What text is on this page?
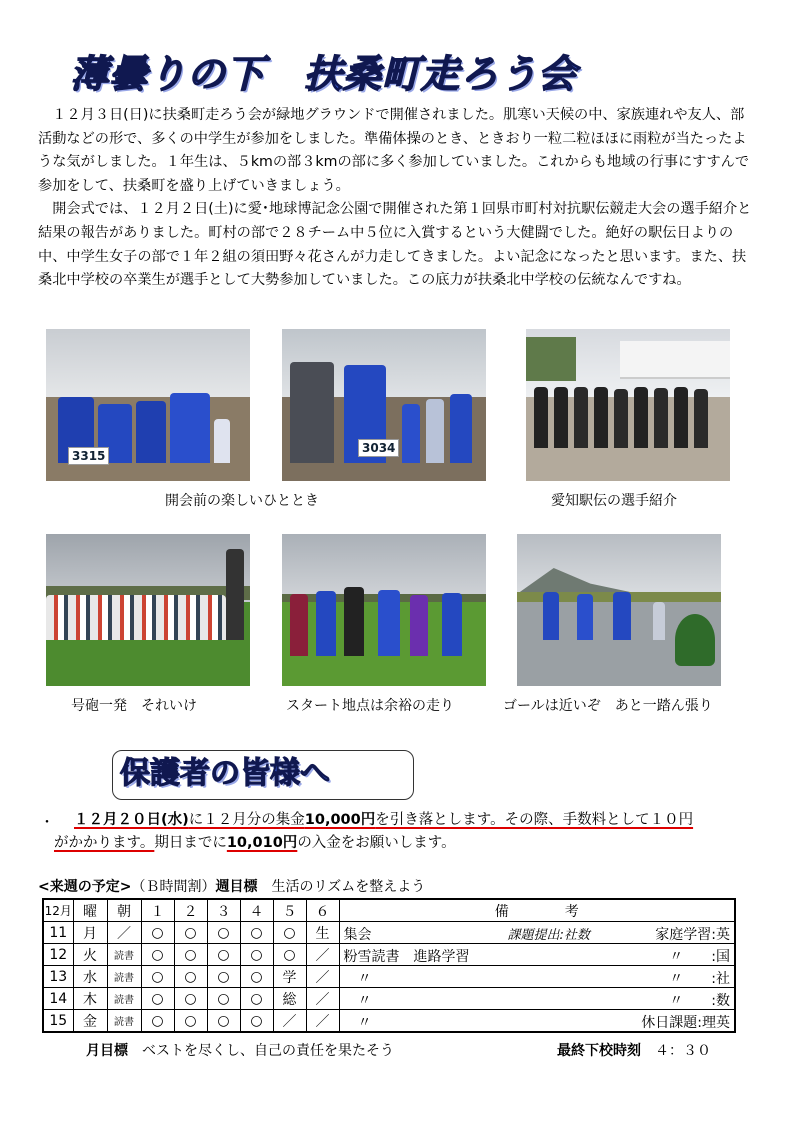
薄曇りの下　扶桑町走ろう会

１２月３日(日)に扶桑町走ろう会が緑地グラウンドで開催されました。肌寒い天候の中、家族連れや友人、部活動などの形で、多くの中学生が参加をしました。準備体操のとき、ときおり一粒二粒ほほに雨粒が当たったような気がしました。１年生は、５kmの部３kmの部に多く参加していました。これからも地域の行事にすすんで参加をして、扶桑町を盛り上げていきましょう。

開会式では、１２月２日(土)に愛･地球博記念公園で開催された第１回県市町村対抗駅伝競走大会の選手紹介と結果の報告がありました。町村の部で２８チーム中５位に入賞するという大健闘でした。絶好の駅伝日よりの中、中学生女子の部で１年２組の須田野々花さんが力走してきました。よい記念になったと思います。また、扶桑北中学校の卒業生が選手として大勢参加していました。この底力が扶桑北中学校の伝統なんですね。

3315
3034
開会前の楽しいひととき	愛知駅伝の選手紹介
号砲一発　それいけ	スタート地点は余裕の走り	ゴールは近いぞ　あと一踏ん張り
保護者の皆様へ
・ １２月２０日(水)に１２月分の集金10,000円を引き落とします。その際、手数料として１０円
がかかります。期日までに10,010円の入金をお願いします。
<来週の予定>（Ｂ時間割）週目標　 生活のリズムを整えよう
12月	曜	朝	１	２	３	４	５	６	備　　　　考
11	月	／	○	○	○	○	○	生	集会 課題提出:社数 家庭学習:英

12	火	読書	○	○	○	○	○	／	粉雪読書　進路学習 〃　　:国

13	水	読書	○	○	○	○	学	／	　〃 〃　　:社

14	木	読書	○	○	○	○	総	／	　〃 〃　　:数

15	金	読書	○	○	○	○	／	／	　〃 休日課題:理英
月目標　 ベストを尽くし、自己の責任を果たそう	最終下校時刻　 ４：３０
